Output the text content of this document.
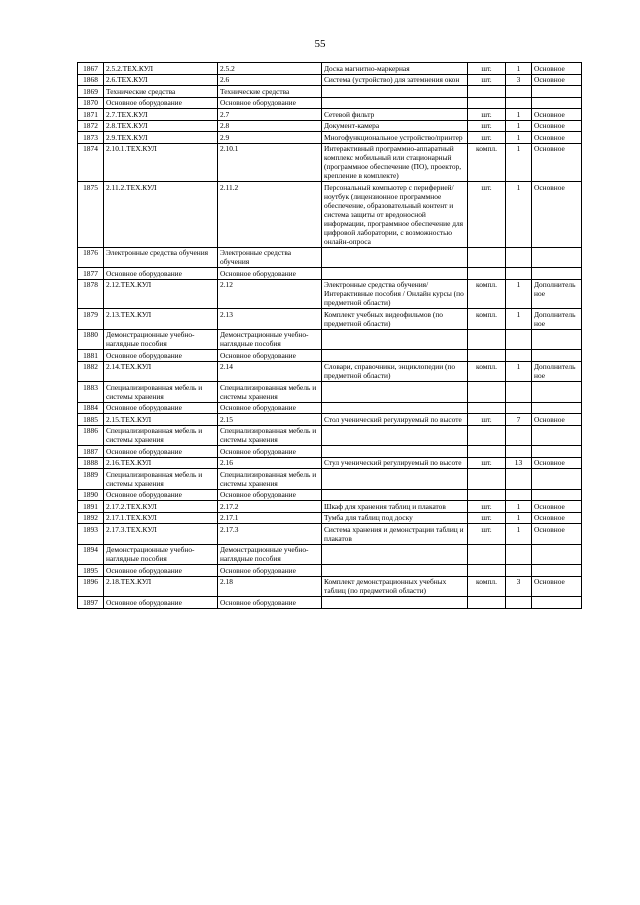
55
1867	2.5.2.ТЕХ.КУЛ	2.5.2	Доска магнитно-маркерная	шт.	1	Основное
1868	2.6.ТЕХ.КУЛ	2.6	Система (устройство) для затемнения окон	шт.	3	Основное
1869	Технические средства	Технические средства				
1870	Основное оборудование	Основное оборудование				
1871	2.7.ТЕХ.КУЛ	2.7	Сетевой фильтр	шт.	1	Основное
1872	2.8.ТЕХ.КУЛ	2.8	Документ-камера	шт.	1	Основное
1873	2.9.ТЕХ.КУЛ	2.9	Многофункциональное устройство/принтер	шт.	1	Основное
1874	2.10.1.ТЕХ.КУЛ	2.10.1	Интерактивный программно-аппаратный комплекс мобильный или стационарный (программное обеспечение (ПО), проектор, крепление в комплекте)	компл.	1	Основное
1875	2.11.2.ТЕХ.КУЛ	2.11.2	Персональный компьютер с периферией/ноутбук (лицензионное программное обеспечение, образовательный контент и система защиты от вредоносной информации, программное обеспечение для цифровой лаборатории, с возможностью онлайн-опроса	шт.	1	Основное
1876	Электронные средства обучения	Электронные средства обучения				
1877	Основное оборудование	Основное оборудование				
1878	2.12.ТЕХ.КУЛ	2.12	Электронные средства обучения/Интерактивные пособия / Онлайн курсы (по предметной области)	компл.	1	Дополнительное
1879	2.13.ТЕХ.КУЛ	2.13	Комплект учебных видеофильмов (по предметной области)	компл.	1	Дополнительное
1880	Демонстрационные учебно-наглядные пособия	Демонстрационные учебно-наглядные пособия				
1881	Основное оборудование	Основное оборудование				
1882	2.14.ТЕХ.КУЛ	2.14	Словари, справочники, энциклопедии (по предметной области)	компл.	1	Дополнительное
1883	Специализированная мебель и системы хранения	Специализированная мебель и системы хранения				
1884	Основное оборудование	Основное оборудование				
1885	2.15.ТЕХ.КУЛ	2.15	Стол ученический регулируемый по высоте	шт.	7	Основное
1886	Специализированная мебель и системы хранения	Специализированная мебель и системы хранения				
1887	Основное оборудование	Основное оборудование				
1888	2.16.ТЕХ.КУЛ	2.16	Стул ученический регулируемый по высоте	шт.	13	Основное
1889	Специализированная мебель и системы хранения	Специализированная мебель и системы хранения				
1890	Основное оборудование	Основное оборудование				
1891	2.17.2.ТЕХ.КУЛ	2.17.2	Шкаф для хранения таблиц и плакатов	шт.	1	Основное
1892	2.17.1.ТЕХ.КУЛ	2.17.1	Тумба для таблиц под доску	шт.	1	Основное
1893	2.17.3.ТЕХ.КУЛ	2.17.3	Система хранения и демонстрации таблиц и плакатов	шт.	1	Основное
1894	Демонстрационные учебно-наглядные пособия	Демонстрационные учебно-наглядные пособия				
1895	Основное оборудование	Основное оборудование				
1896	2.18.ТЕХ.КУЛ	2.18	Комплект демонстрационных учебных таблиц (по предметной области)	компл.	3	Основное
1897	Основное оборудование	Основное оборудование				
